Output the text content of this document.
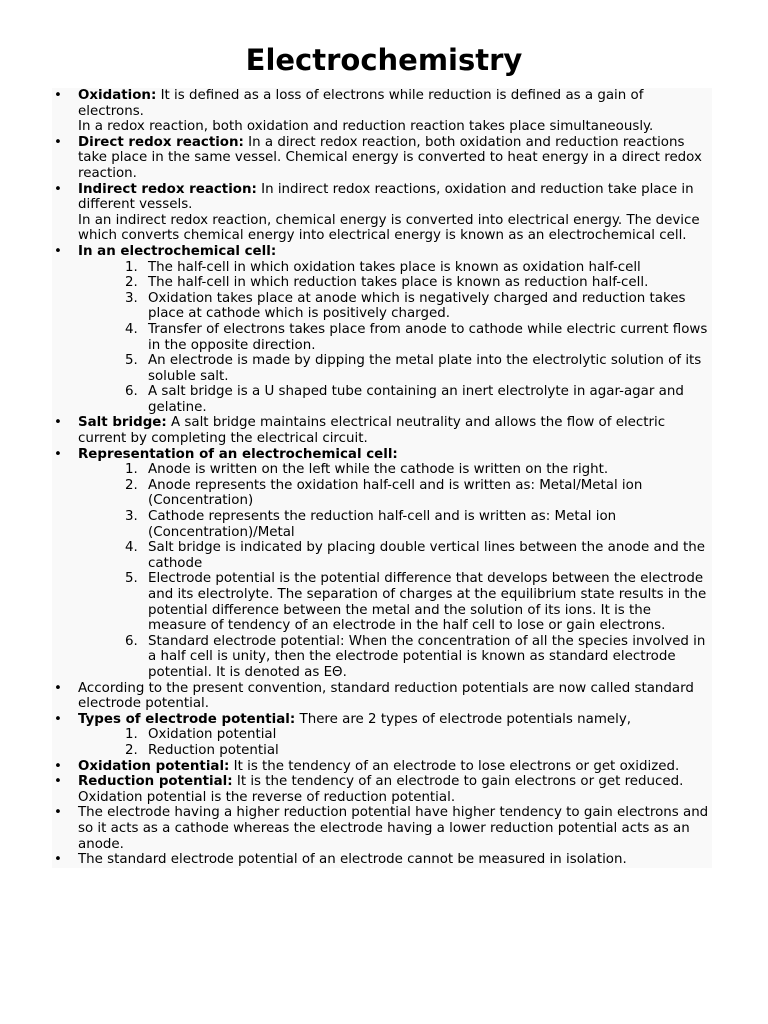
Electrochemistry

• Oxidation: It is defined as a loss of electrons while reduction is defined as a gain of electrons.

In a redox reaction, both oxidation and reduction reaction takes place simultaneously.

• Direct redox reaction: In a direct redox reaction, both oxidation and reduction reactions take place in the same vessel. Chemical energy is converted to heat energy in a direct redox reaction.

• Indirect redox reaction: In indirect redox reactions, oxidation and reduction take place in different vessels.

In an indirect redox reaction, chemical energy is converted into electrical energy. The device which converts chemical energy into electrical energy is known as an electrochemical cell.

• In an electrochemical cell:

1. The half-cell in which oxidation takes place is known as oxidation half-cell
2. The half-cell in which reduction takes place is known as reduction half-cell.
3. Oxidation takes place at anode which is negatively charged and reduction takes place at cathode which is positively charged.
4. Transfer of electrons takes place from anode to cathode while electric current flows in the opposite direction.
5. An electrode is made by dipping the metal plate into the electrolytic solution of its soluble salt.
6. A salt bridge is a U shaped tube containing an inert electrolyte in agar-agar and gelatine.

• Salt bridge: A salt bridge maintains electrical neutrality and allows the flow of electric current by completing the electrical circuit.

• Representation of an electrochemical cell:

1. Anode is written on the left while the cathode is written on the right.
2. Anode represents the oxidation half-cell and is written as: Metal/Metal ion (Concentration)
3. Cathode represents the reduction half-cell and is written as: Metal ion (Concentration)/Metal
4. Salt bridge is indicated by placing double vertical lines between the anode and the cathode
5. Electrode potential is the potential difference that develops between the electrode and its electrolyte. The separation of charges at the equilibrium state results in the potential difference between the metal and the solution of its ions. It is the measure of tendency of an electrode in the half cell to lose or gain electrons.
6. Standard electrode potential: When the concentration of all the species involved in a half cell is unity, then the electrode potential is known as standard electrode potential. It is denoted as EΘ.

• According to the present convention, standard reduction potentials are now called standard electrode potential.

• Types of electrode potential: There are 2 types of electrode potentials namely,

1. Oxidation potential
2. Reduction potential

• Oxidation potential: It is the tendency of an electrode to lose electrons or get oxidized.

• Reduction potential: It is the tendency of an electrode to gain electrons or get reduced.

Oxidation potential is the reverse of reduction potential.

• The electrode having a higher reduction potential have higher tendency to gain electrons and so it acts as a cathode whereas the electrode having a lower reduction potential acts as an anode.

• The standard electrode potential of an electrode cannot be measured in isolation.
